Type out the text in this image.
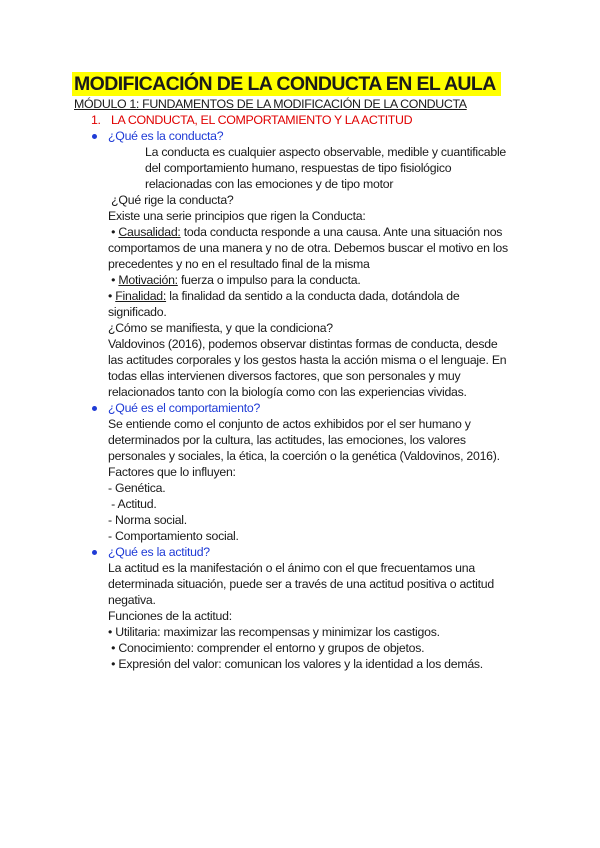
MODIFICACIÓN DE LA CONDUCTA EN EL AULA
MÓDULO 1: FUNDAMENTOS DE LA MODIFICACIÓN DE LA CONDUCTA
1. LA CONDUCTA, EL COMPORTAMIENTO Y LA ACTITUD
¿Qué es la conducta?
La conducta es cualquier aspecto observable, medible y cuantificable
del comportamiento humano, respuestas de tipo fisiológico
relacionadas con las emociones y de tipo motor
¿Qué rige la conducta?
Existe una serie principios que rigen la Conducta:
• Causalidad: toda conducta responde a una causa. Ante una situación nos
comportamos de una manera y no de otra. Debemos buscar el motivo en los
precedentes y no en el resultado final de la misma
• Motivación: fuerza o impulso para la conducta.
• Finalidad: la finalidad da sentido a la conducta dada, dotándola de
significado.
¿Cómo se manifiesta, y que la condiciona?
Valdovinos (2016), podemos observar distintas formas de conducta, desde
las actitudes corporales y los gestos hasta la acción misma o el lenguaje. En
todas ellas intervienen diversos factores, que son personales y muy
relacionados tanto con la biología como con las experiencias vividas.
¿Qué es el comportamiento?
Se entiende como el conjunto de actos exhibidos por el ser humano y
determinados por la cultura, las actitudes, las emociones, los valores
personales y sociales, la ética, la coerción o la genética (Valdovinos, 2016).
Factores que lo influyen:
- Genética.
- Actitud.
- Norma social.
- Comportamiento social.
¿Qué es la actitud?
La actitud es la manifestación o el ánimo con el que frecuentamos una
determinada situación, puede ser a través de una actitud positiva o actitud
negativa.
Funciones de la actitud:
• Utilitaria: maximizar las recompensas y minimizar los castigos.
• Conocimiento: comprender el entorno y grupos de objetos.
• Expresión del valor: comunican los valores y la identidad a los demás.
